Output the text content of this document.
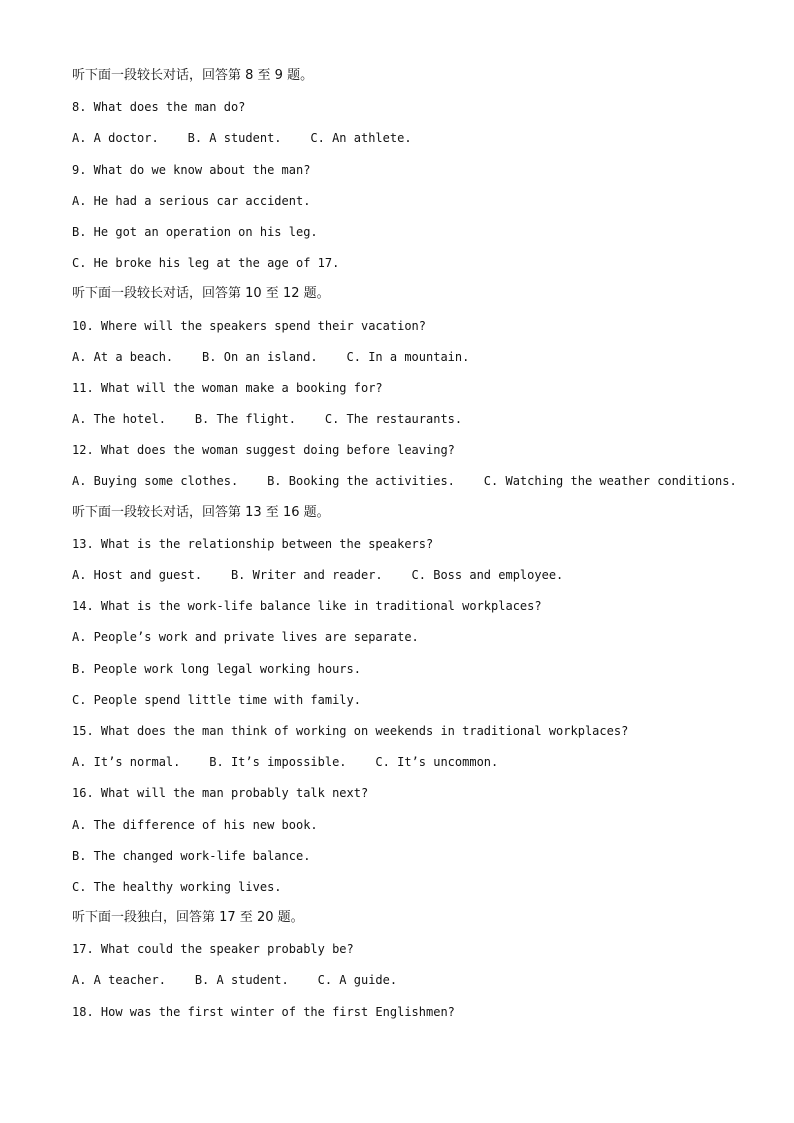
听下面一段较长对话，回答第 8 至 9 题。
8. What does the man do?
A. A doctor.    B. A student.    C. An athlete.
9. What do we know about the man?
A. He had a serious car accident.
B. He got an operation on his leg.
C. He broke his leg at the age of 17.
听下面一段较长对话，回答第 10 至 12 题。
10. Where will the speakers spend their vacation?
A. At a beach.    B. On an island.    C. In a mountain.
11. What will the woman make a booking for?
A. The hotel.    B. The flight.    C. The restaurants.
12. What does the woman suggest doing before leaving?
A. Buying some clothes.    B. Booking the activities.    C. Watching the weather conditions.
听下面一段较长对话，回答第 13 至 16 题。
13. What is the relationship between the speakers?
A. Host and guest.    B. Writer and reader.    C. Boss and employee.
14. What is the work-life balance like in traditional workplaces?
A. People’s work and private lives are separate.
B. People work long legal working hours.
C. People spend little time with family.
15. What does the man think of working on weekends in traditional workplaces?
A. It’s normal.    B. It’s impossible.    C. It’s uncommon.
16. What will the man probably talk next?
A. The difference of his new book.
B. The changed work-life balance.
C. The healthy working lives.
听下面一段独白，回答第 17 至 20 题。
17. What could the speaker probably be?
A. A teacher.    B. A student.    C. A guide.
18. How was the first winter of the first Englishmen?
